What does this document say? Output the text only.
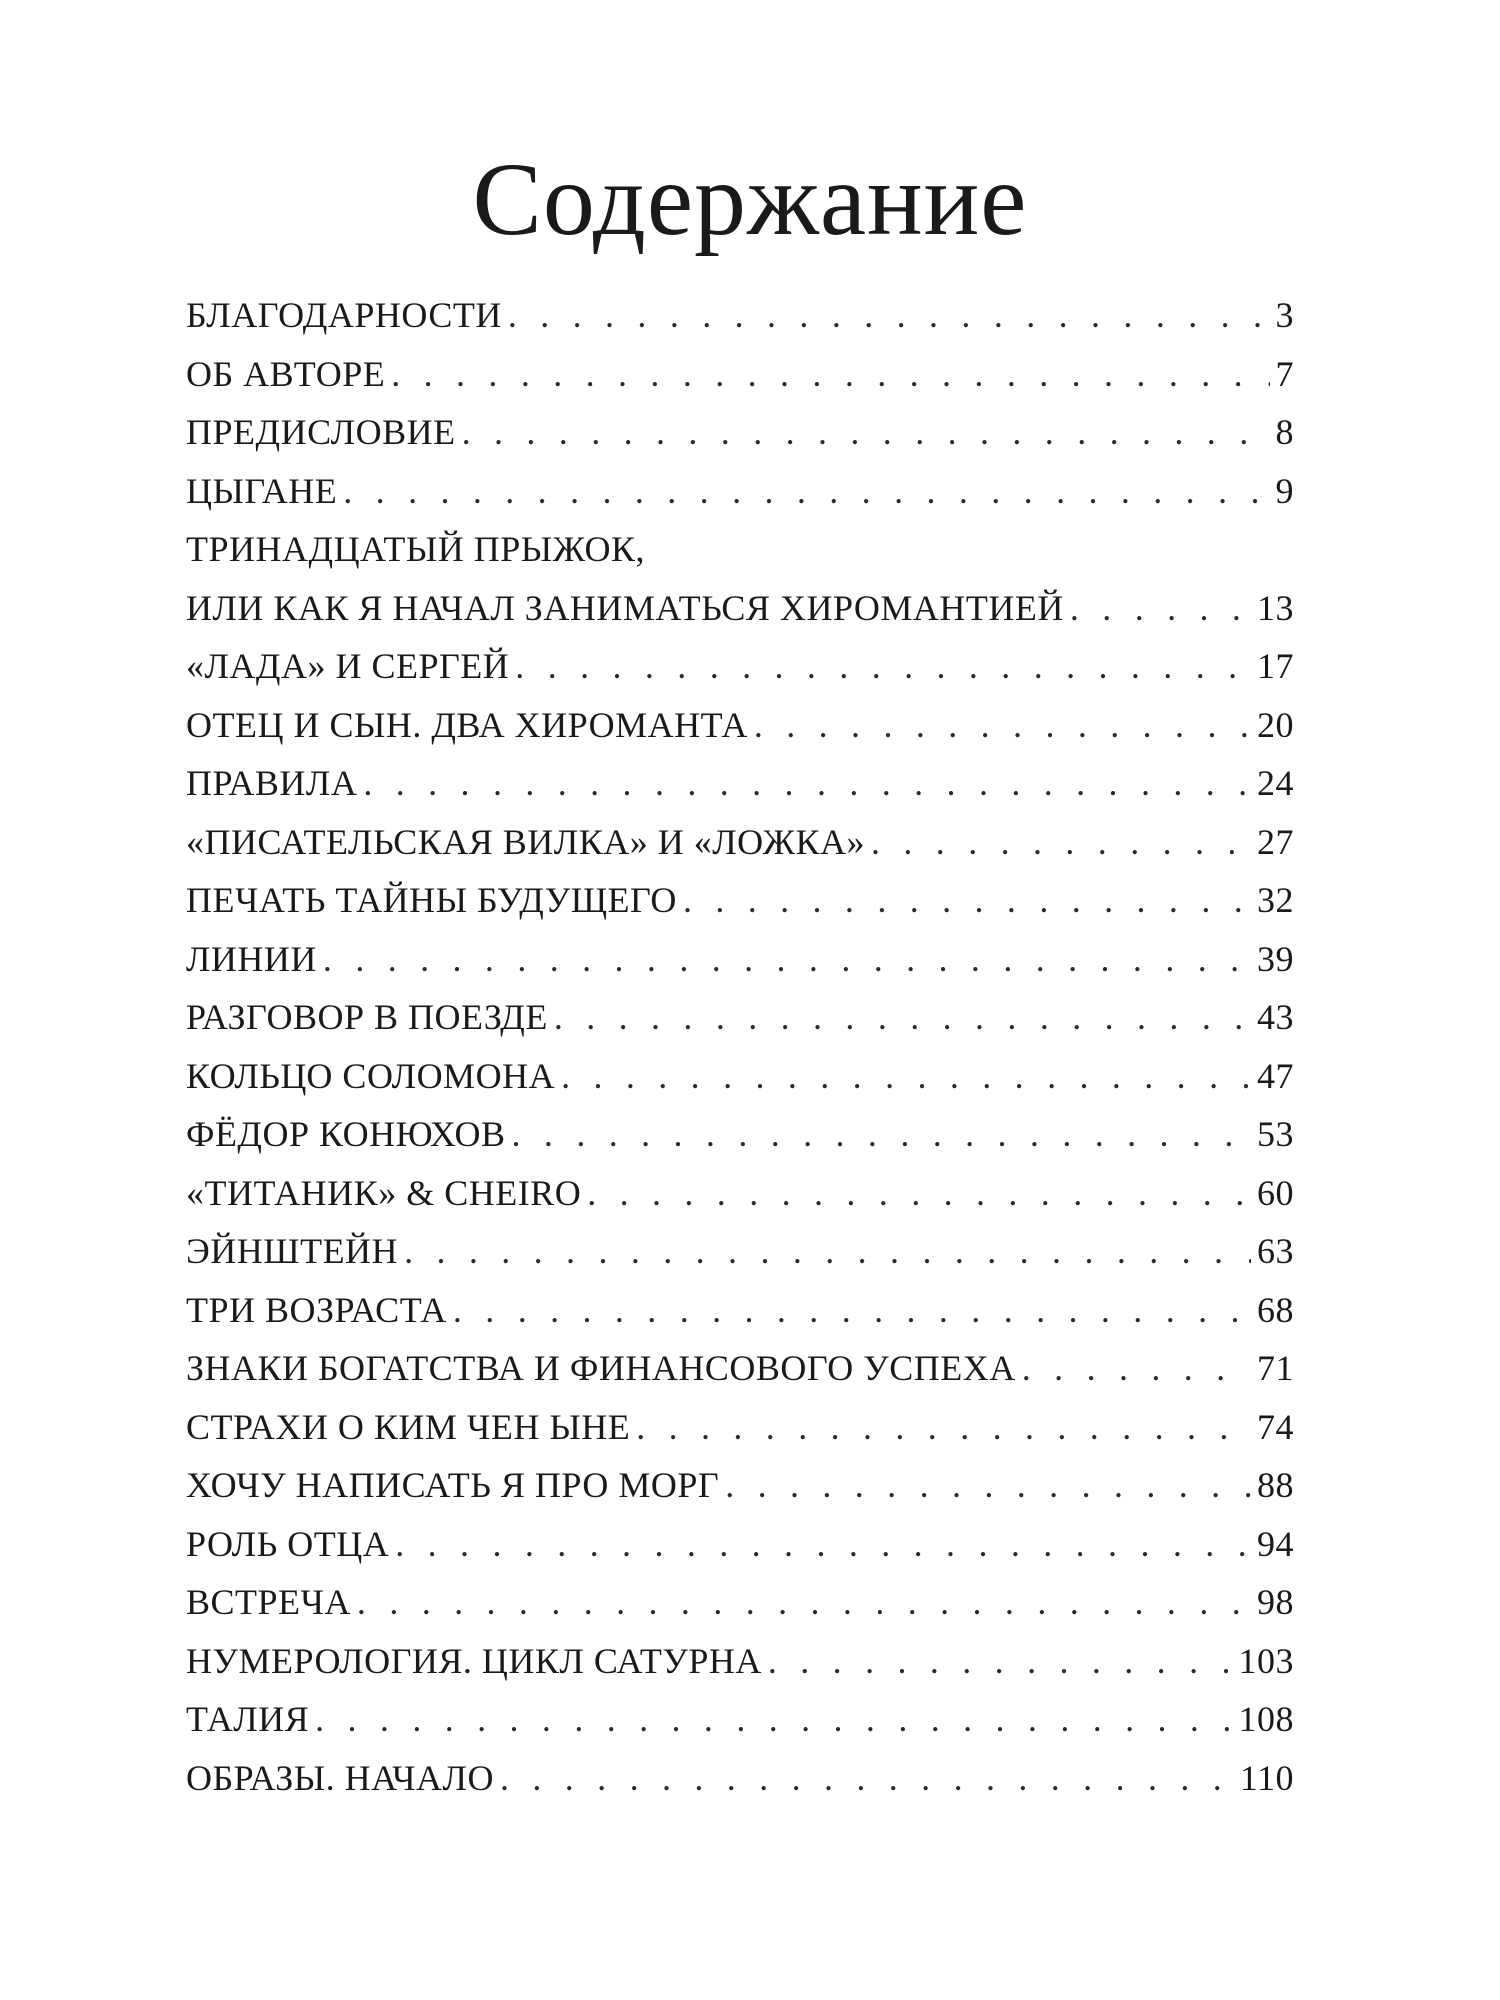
Содержание
БЛАГОДАРНОСТИ . . .	3
ОБ АВТОРЕ . . .	7
ПРЕДИСЛОВИЕ . . .	8
ЦЫГАНЕ . . .	9
ТРИНАДЦАТЫЙ ПРЫЖОК,
ИЛИ КАК Я НАЧАЛ ЗАНИМАТЬСЯ ХИРОМАНТИЕЙ . . .	13
«ЛАДА» И СЕРГЕЙ . . .	17
ОТЕЦ И СЫН. ДВА ХИРОМАНТА . . .	20
ПРАВИЛА . . .	24
«ПИСАТЕЛЬСКАЯ ВИЛКА» И «ЛОЖКА» . . .	27
ПЕЧАТЬ ТАЙНЫ БУДУЩЕГО . . .	32
ЛИНИИ . . .	39
РАЗГОВОР В ПОЕЗДЕ . . .	43
КОЛЬЦО СОЛОМОНА . . .	47
ФЁДОР КОНЮХОВ . . .	53
«ТИТАНИК» & CHEIRO . . .	60
ЭЙНШТЕЙН . . .	63
ТРИ ВОЗРАСТА . . .	68
ЗНАКИ БОГАТСТВА И ФИНАНСОВОГО УСПЕХА . . .	71
СТРАХИ О КИМ ЧЕН ЫНЕ . . .	74
ХОЧУ НАПИСАТЬ Я ПРО МОРГ . . .	88
РОЛЬ ОТЦА . . .	94
ВСТРЕЧА . . .	98
НУМЕРОЛОГИЯ. ЦИКЛ САТУРНА . . .	103
ТАЛИЯ . . .	108
ОБРАЗЫ. НАЧАЛО . . .	110
